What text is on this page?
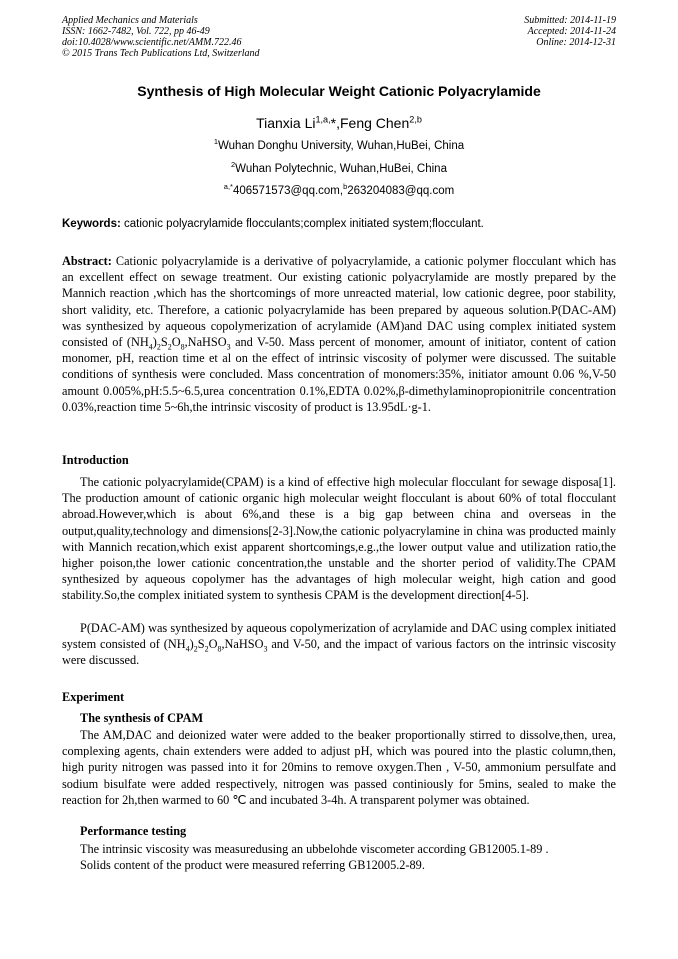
Applied Mechanics and Materials
ISSN: 1662-7482, Vol. 722, pp 46-49
doi:10.4028/www.scientific.net/AMM.722.46
© 2015 Trans Tech Publications Ltd, Switzerland
Submitted: 2014-11-19
Accepted: 2014-11-24
Online: 2014-12-31
Synthesis of High Molecular Weight Cationic Polyacrylamide
Tianxia $Li^{1,a,}*,Feng$ Chen$^{2,b}$
$^1$Wuhan Donghu University, Wuhan,HuBei, China
$^2$Wuhan Polytechnic, Wuhan,HuBei, China
$^{a,*}$406571573@qq.com,$^b$263204083@qq.com
Keywords: cationic polyacrylamide flocculants;complex initiated system;flocculant.
Abstract: Cationic polyacrylamide is a derivative of polyacrylamide, a cationic polymer flocculant which has an excellent effect on sewage treatment. Our existing cationic polyacrylamide are mostly prepared by the Mannich reaction ,which has the shortcomings of more unreacted material, low cationic degree, poor stability, short validity, etc. Therefore, a cationic polyacrylamide has been prepared by aqueous solution.P(DAC-AM) was synthesized by aqueous copolymerization of acrylamide (AM)and DAC using complex initiated system consisted of $(NH_4)_2S_2O_8,NaHSO_3$ and V-50. Mass percent of monomer, amount of initiator, content of cation monomer, pH, reaction time et al on the effect of intrinsic viscosity of polymer were discussed. The suitable conditions of synthesis were concluded. Mass concentration of monomers:35%, initiator amount 0.06 %,V-50 amount 0.005%,pH:5.5~6.5,urea concentration 0.1%,EDTA 0.02%,β-dimethylaminopropionitrile concentration 0.03%,reaction time 5~6h,the intrinsic viscosity of product is 13.95dL·g-1.
Introduction
The cationic polyacrylamide(CPAM) is a kind of effective high molecular flocculant for sewage disposa[1]. The production amount of cationic organic high molecular weight flocculant is about 60% of total flocculant abroad.However,which is about 6%,and these is a big gap between china and overseas in the output,quality,technology and dimensions[2-3].Now,the cationic polyacrylamine in china was producted mainly with Mannich recation,which exist apparent shortcomings,e.g.,the lower output value and utilization ratio,the higher poison,the lower cationic concentration,the unstable and the shorter period of validity.The CPAM synthesized by aqueous copolymer has the advantages of high molecular weight, high cation and good stability.So,the complex initiated system to synthesis CPAM is the development direction[4-5].
P(DAC-AM) was synthesized by aqueous copolymerization of acrylamide and DAC using complex initiated system consisted of $(NH_4)_2S_2O_8,NaHSO_3$ and V-50, and the impact of various factors on the intrinsic viscosity were discussed.
Experiment
The synthesis of CPAM
The AM,DAC and deionized water were added to the beaker proportionally stirred to dissolve,then, urea, complexing agents, chain extenders were added to adjust pH, which was poured into the plastic column,then, high purity nitrogen was passed into it for 20mins to remove oxygen.Then , V-50, ammonium persulfate and sodium bisulfate were added respectively, nitrogen was passed continiously for 5mins, sealed to make the reaction for 2h,then warmed to 60 ℃ and incubated 3-4h. A transparent polymer was obtained.
Performance testing
The intrinsic viscosity was measuredusing an ubbelohde viscometer according GB12005.1-89 .
Solids content of the product were measured referring GB12005.2-89.
